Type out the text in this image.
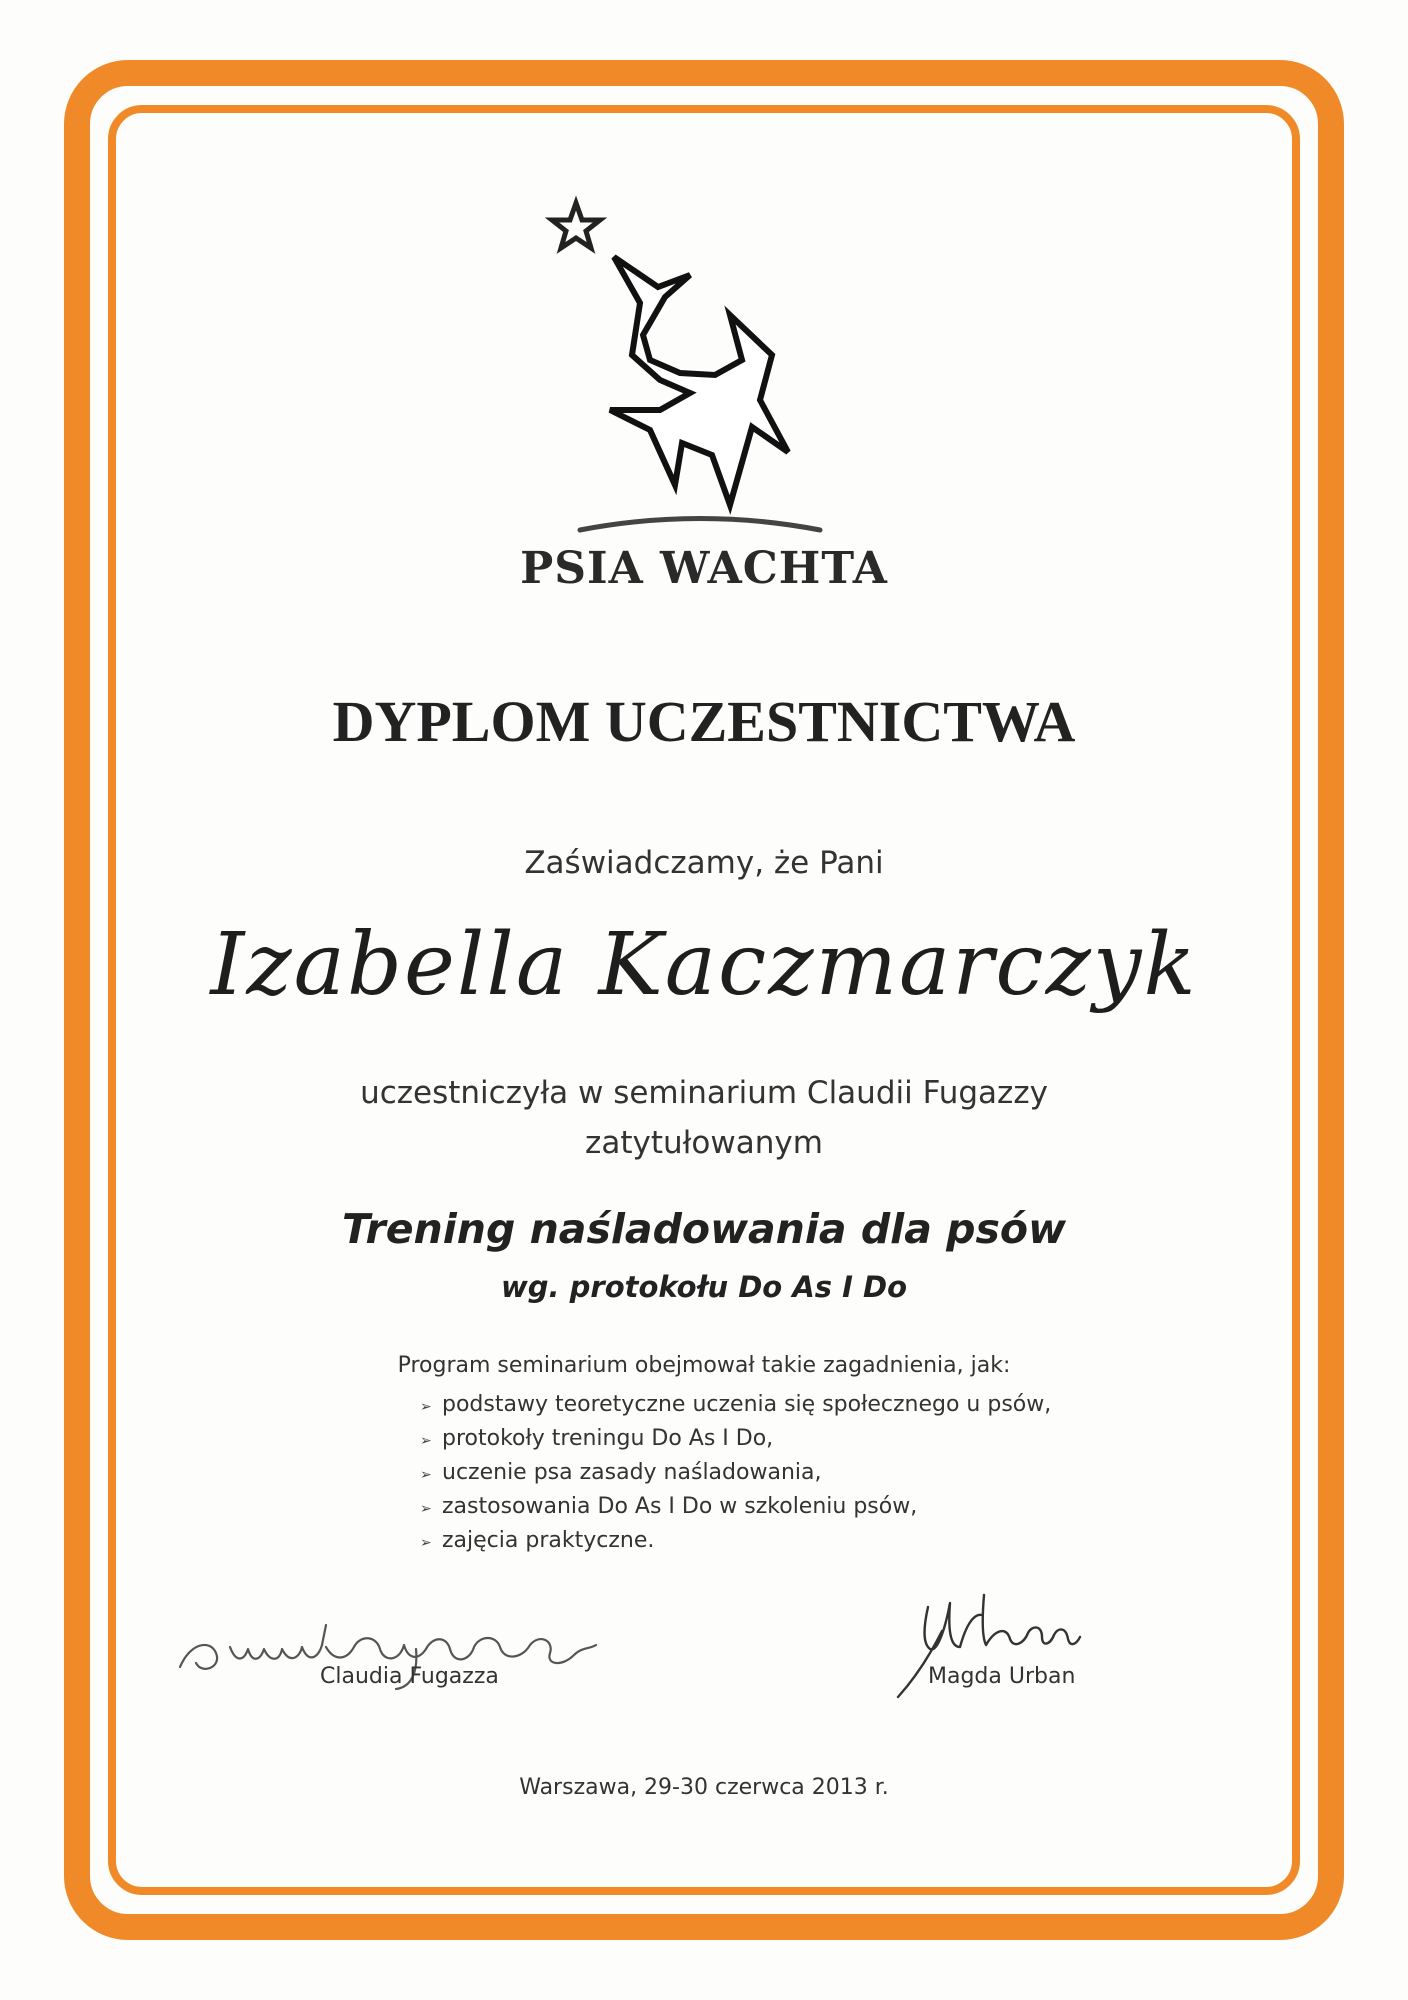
PSIA WACHTA
DYPLOM UCZESTNICTWA
Zaświadczamy, że Pani
Izabella Kaczmarczyk
uczestniczyła w seminarium Claudii Fugazzy
zatytułowanym
Trening naśladowania dla psów
wg. protokołu Do As I Do
Program seminarium obejmował takie zagadnienia, jak:
➢ podstawy teoretyczne uczenia się społecznego u psów,
➢ protokoły treningu Do As I Do,
➢ uczenie psa zasady naśladowania,
➢ zastosowania Do As I Do w szkoleniu psów,
➢ zajęcia praktyczne.
Claudia Fugazza	Magda Urban
Warszawa, 29-30 czerwca 2013 r.
